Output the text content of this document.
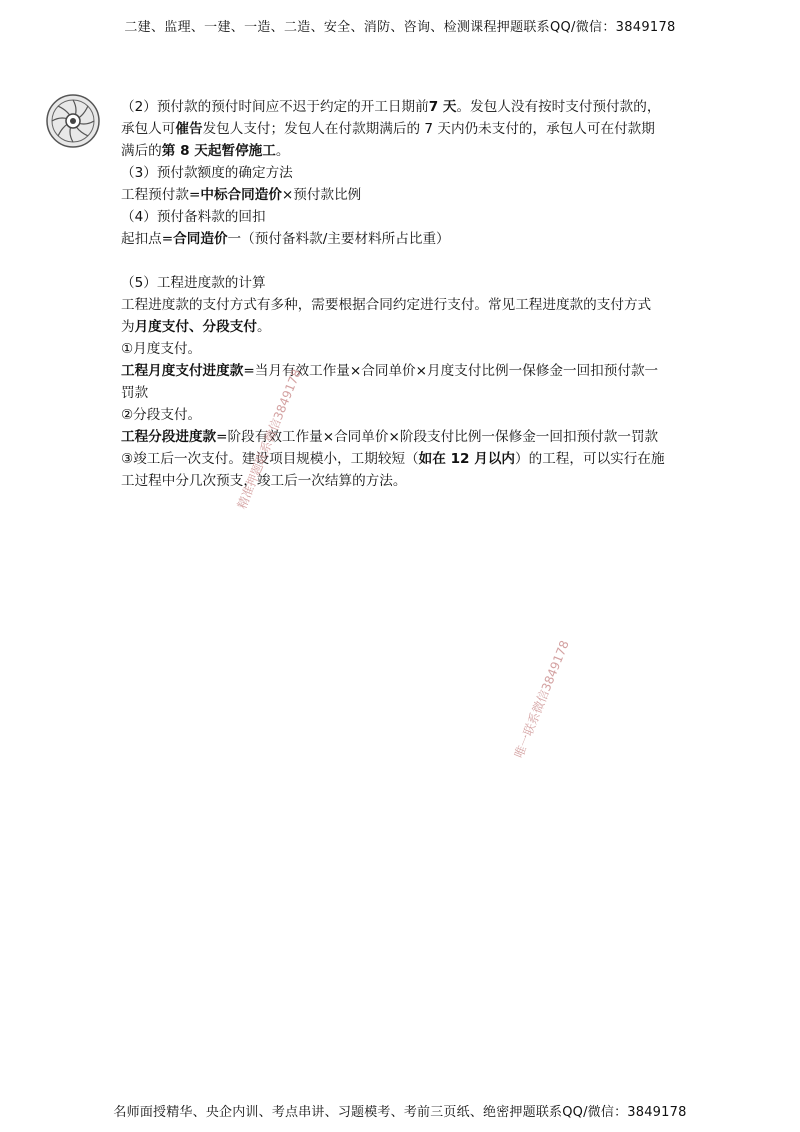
二建、监理、一建、一造、二造、安全、消防、咨询、检测课程押题联系QQ/微信：3849178
（2）预付款的预付时间应不迟于约定的开工日期前7 天。发包人没有按时支付预付款的，
承包人可催告发包人支付；发包人在付款期满后的 7 天内仍未支付的，承包人可在付款期
满后的第 8 天起暂停施工。
（3）预付款额度的确定方法
工程预付款=中标合同造价×预付款比例
（4）预付备料款的回扣
起扣点=合同造价一（预付备料款/主要材料所占比重）
（5）工程进度款的计算
工程进度款的支付方式有多种，需要根据合同约定进行支付。常见工程进度款的支付方式
为月度支付、分段支付。
①月度支付。
工程月度支付进度款=当月有效工作量×合同单价×月度支付比例一保修金一回扣预付款一
罚款
②分段支付。
工程分段进度款=阶段有效工作量×合同单价×阶段支付比例一保修金一回扣预付款一罚款
③竣工后一次支付。建设项目规模小，工期较短（如在 12 月以内）的工程，可以实行在施
工过程中分几次预支，竣工后一次结算的方法。
精准押题联系微信3849178
唯一联系微信3849178
名师面授精华、央企内训、考点串讲、习题模考、考前三页纸、绝密押题联系QQ/微信：3849178
